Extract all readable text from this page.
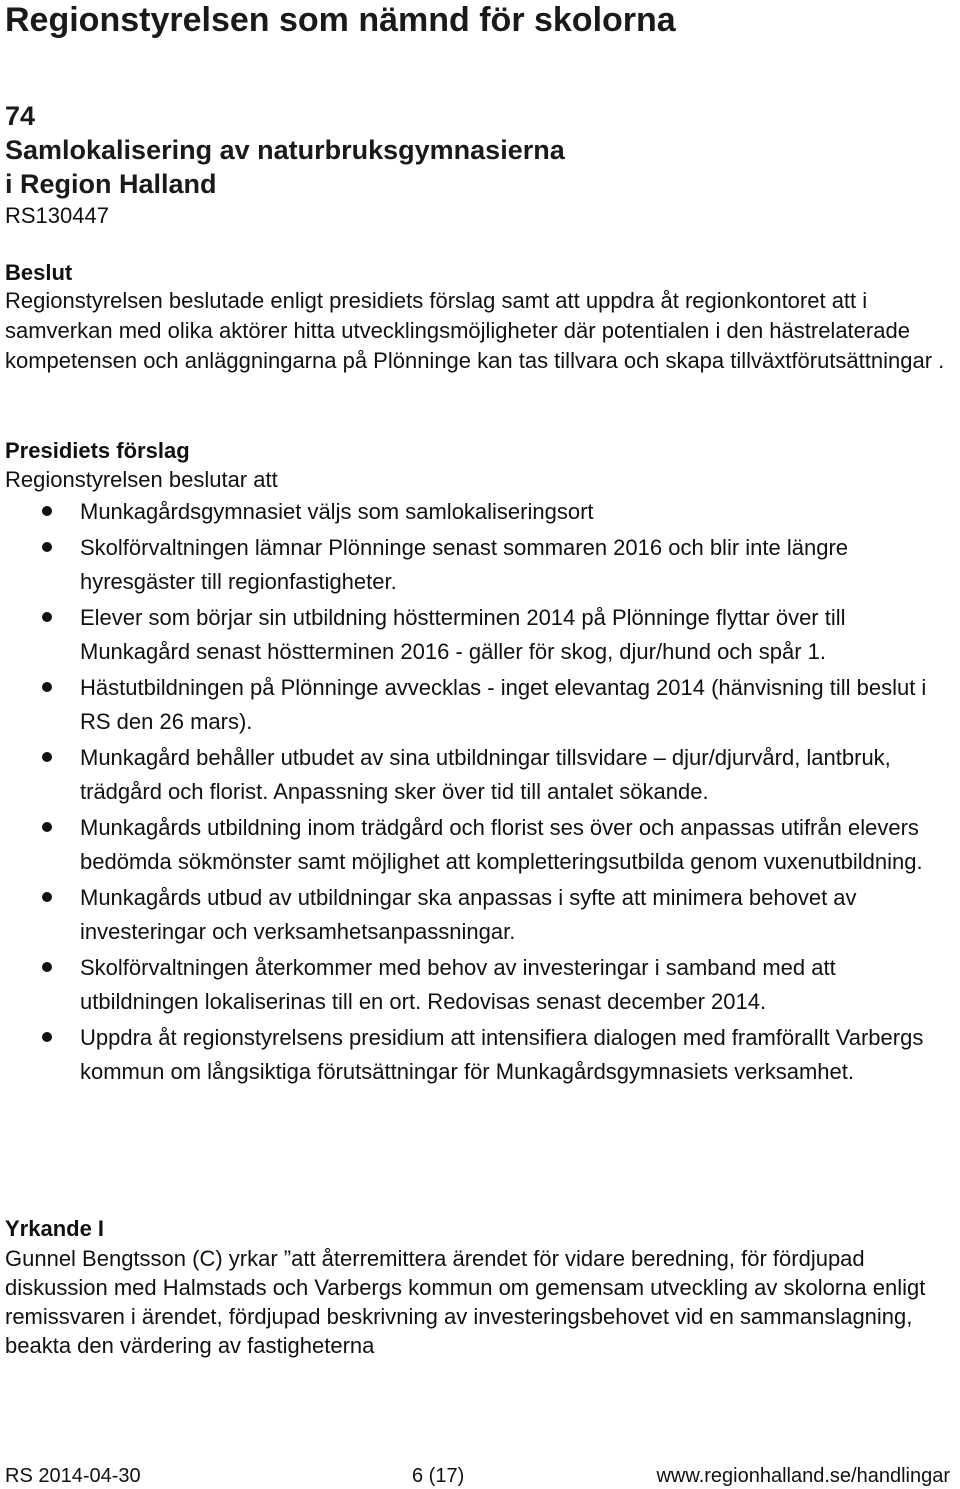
Regionstyrelsen som nämnd för skolorna
74
Samlokalisering av naturbruksgymnasierna
i Region Halland
RS130447
Beslut

Regionstyrelsen beslutade enligt presidiets förslag samt att uppdra åt regionkontoret att i samverkan med olika aktörer hitta utvecklingsmöjligheter där potentialen i den hästrelaterade kompetensen och anläggningarna på Plönninge kan tas tillvara och skapa tillväxtförutsättningar .

Presidiets förslag
Regionstyrelsen beslutar att
Munkagårdsgymnasiet väljs som samlokaliseringsort
Skolförvaltningen lämnar Plönninge senast sommaren 2016 och blir inte längre hyresgäster till regionfastigheter.
Elever som börjar sin utbildning höstterminen 2014 på Plönninge flyttar över till Munkagård senast höstterminen 2016 - gäller för skog, djur/hund och spår 1.
Hästutbildningen på Plönninge avvecklas - inget elevantag 2014 (hänvisning till beslut i RS den 26 mars).
Munkagård behåller utbudet av sina utbildningar tillsvidare – djur/djurvård, lantbruk, trädgård och florist. Anpassning sker över tid till antalet sökande.
Munkagårds utbildning inom trädgård och florist ses över och anpassas utifrån elevers bedömda sökmönster samt möjlighet att kompletteringsutbilda genom vuxenutbildning.
Munkagårds utbud av utbildningar ska anpassas i syfte att minimera behovet av investeringar och verksamhetsanpassningar.
Skolförvaltningen återkommer med behov av investeringar i samband med att utbildningen lokaliserinas till en ort. Redovisas senast december 2014.
Uppdra åt regionstyrelsens presidium att intensifiera dialogen med framförallt Varbergs kommun om långsiktiga förutsättningar för Munkagårdsgymnasiets verksamhet.
Yrkande I

Gunnel Bengtsson (C) yrkar ”att återremittera ärendet för vidare beredning, för fördjupad diskussion med Halmstads och Varbergs kommun om gemensam utveckling av skolorna enligt remissvaren i ärendet, fördjupad beskrivning av investeringsbehovet vid en sammanslagning, beakta den värdering av fastigheterna

RS 2014-04-30	6 (17)	www.regionhalland.se/handlingar
